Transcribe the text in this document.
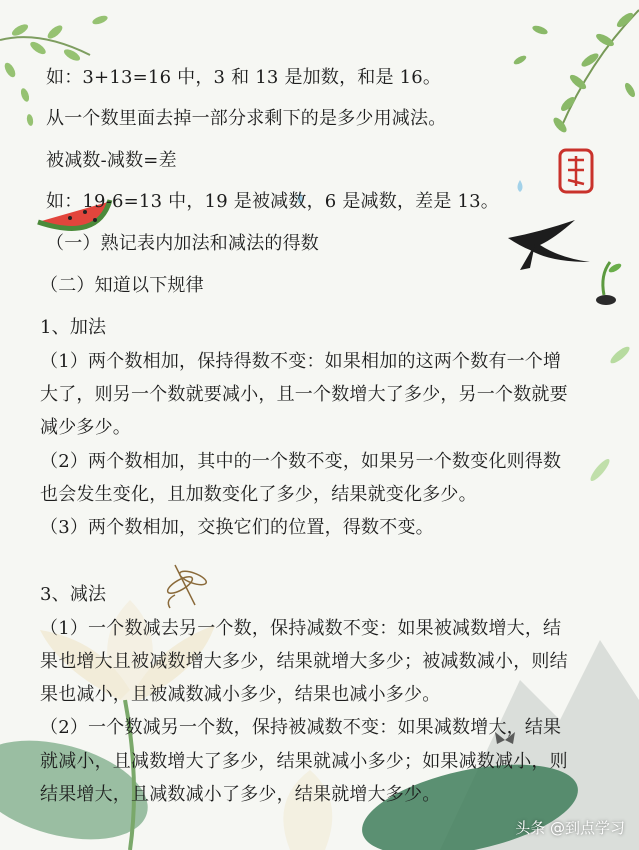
如：3+13=16 中，3 和 13 是加数，和是 16。
从一个数里面去掉一部分求剩下的是多少用减法。
被减数-减数=差
如：19-6=13 中，19 是被减数，6 是减数，差是 13。
（一）熟记表内加法和减法的得数
（二）知道以下规律
1、加法
（1）两个数相加，保持得数不变：如果相加的这两个数有一个增
大了，则另一个数就要减小，且一个数增大了多少，另一个数就要
减少多少。
（2）两个数相加，其中的一个数不变，如果另一个数变化则得数
也会发生变化，且加数变化了多少，结果就变化多少。
（3）两个数相加，交换它们的位置，得数不变。
3、减法
（1）一个数减去另一个数，保持减数不变：如果被减数增大，结
果也增大且被减数增大多少，结果就增大多少；被减数减小，则结
果也减小，且被减数减小多少，结果也减小多少。
（2）一个数减另一个数，保持被减数不变：如果减数增大，结果
就减小，且减数增大了多少，结果就减小多少；如果减数减小，则
结果增大，且减数减小了多少，结果就增大多少。
头条 @到点学习
